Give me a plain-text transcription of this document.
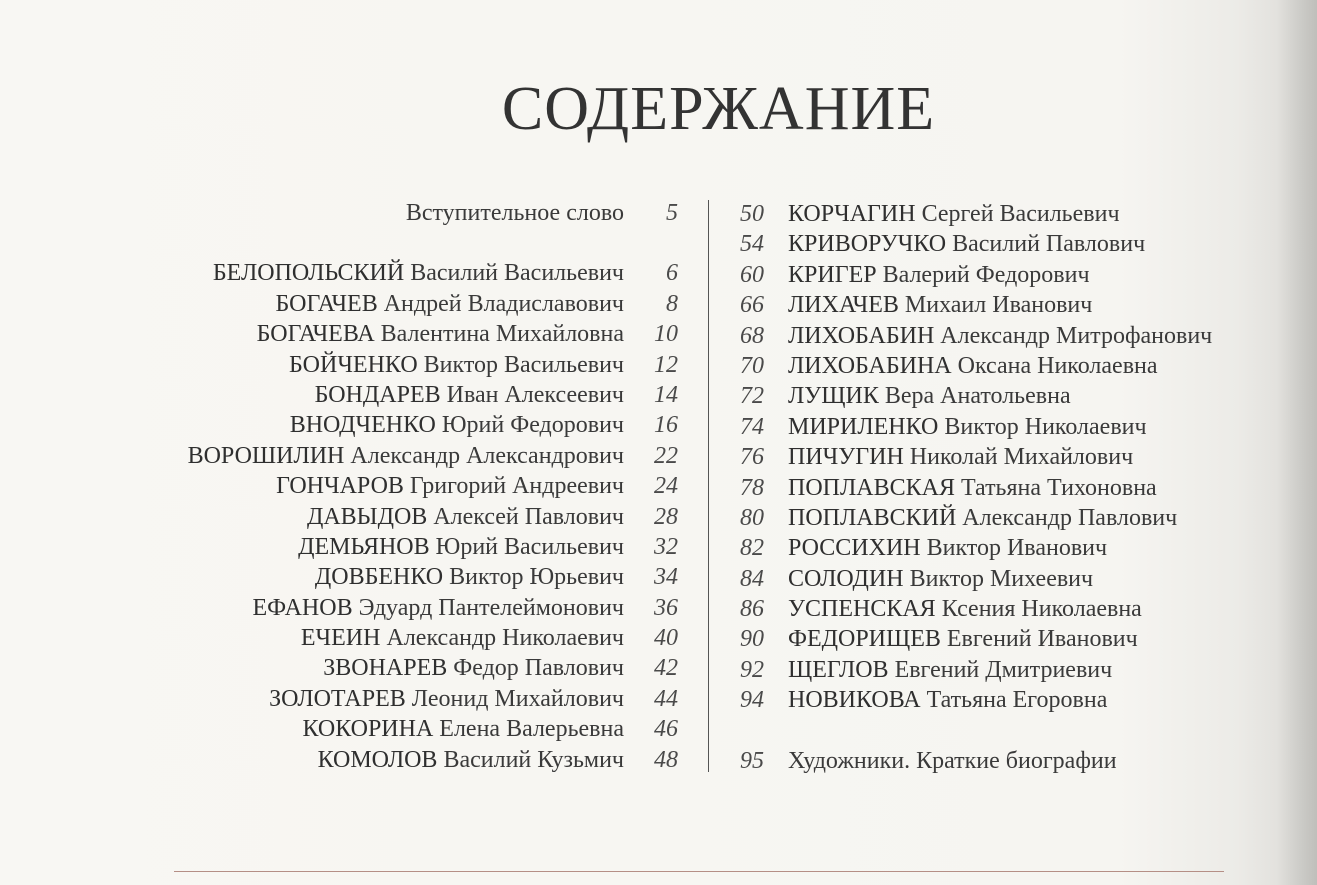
СОДЕРЖАНИЕ
Вступительное слово	5
БЕЛОПОЛЬСКИЙ Василий Васильевич	6
БОГАЧЕВ Андрей Владиславович	8
БОГАЧЕВА Валентина Михайловна	10
БОЙЧЕНКО Виктор Васильевич	12
БОНДАРЕВ Иван Алексеевич	14
ВНОДЧЕНКО Юрий Федорович	16
ВОРОШИЛИН Александр Александрович	22
ГОНЧАРОВ Григорий Андреевич	24
ДАВЫДОВ Алексей Павлович	28
ДЕМЬЯНОВ Юрий Васильевич	32
ДОВБЕНКО Виктор Юрьевич	34
ЕФАНОВ Эдуард Пантелеймонович	36
ЕЧЕИН Александр Николаевич	40
ЗВОНАРЕВ Федор Павлович	42
ЗОЛОТАРЕВ Леонид Михайлович	44
КОКОРИНА Елена Валерьевна	46
КОМОЛОВ Василий Кузьмич	48
50 КОРЧАГИН Сергей Васильевич
54 КРИВОРУЧКО Василий Павлович
60 КРИГЕР Валерий Федорович
66 ЛИХАЧЕВ Михаил Иванович
68 ЛИХОБАБИН Александр Митрофанович
70 ЛИХОБАБИНА Оксана Николаевна
72 ЛУЩИК Вера Анатольевна
74 МИРИЛЕНКО Виктор Николаевич
76 ПИЧУГИН Николай Михайлович
78 ПОПЛАВСКАЯ Татьяна Тихоновна
80 ПОПЛАВСКИЙ Александр Павлович
82 РОССИХИН Виктор Иванович
84 СОЛОДИН Виктор Михеевич
86 УСПЕНСКАЯ Ксения Николаевна
90 ФЕДОРИЩЕВ Евгений Иванович
92 ЩЕГЛОВ Евгений Дмитриевич
94 НОВИКОВА Татьяна Егоровна
95 Художники. Краткие биографии
